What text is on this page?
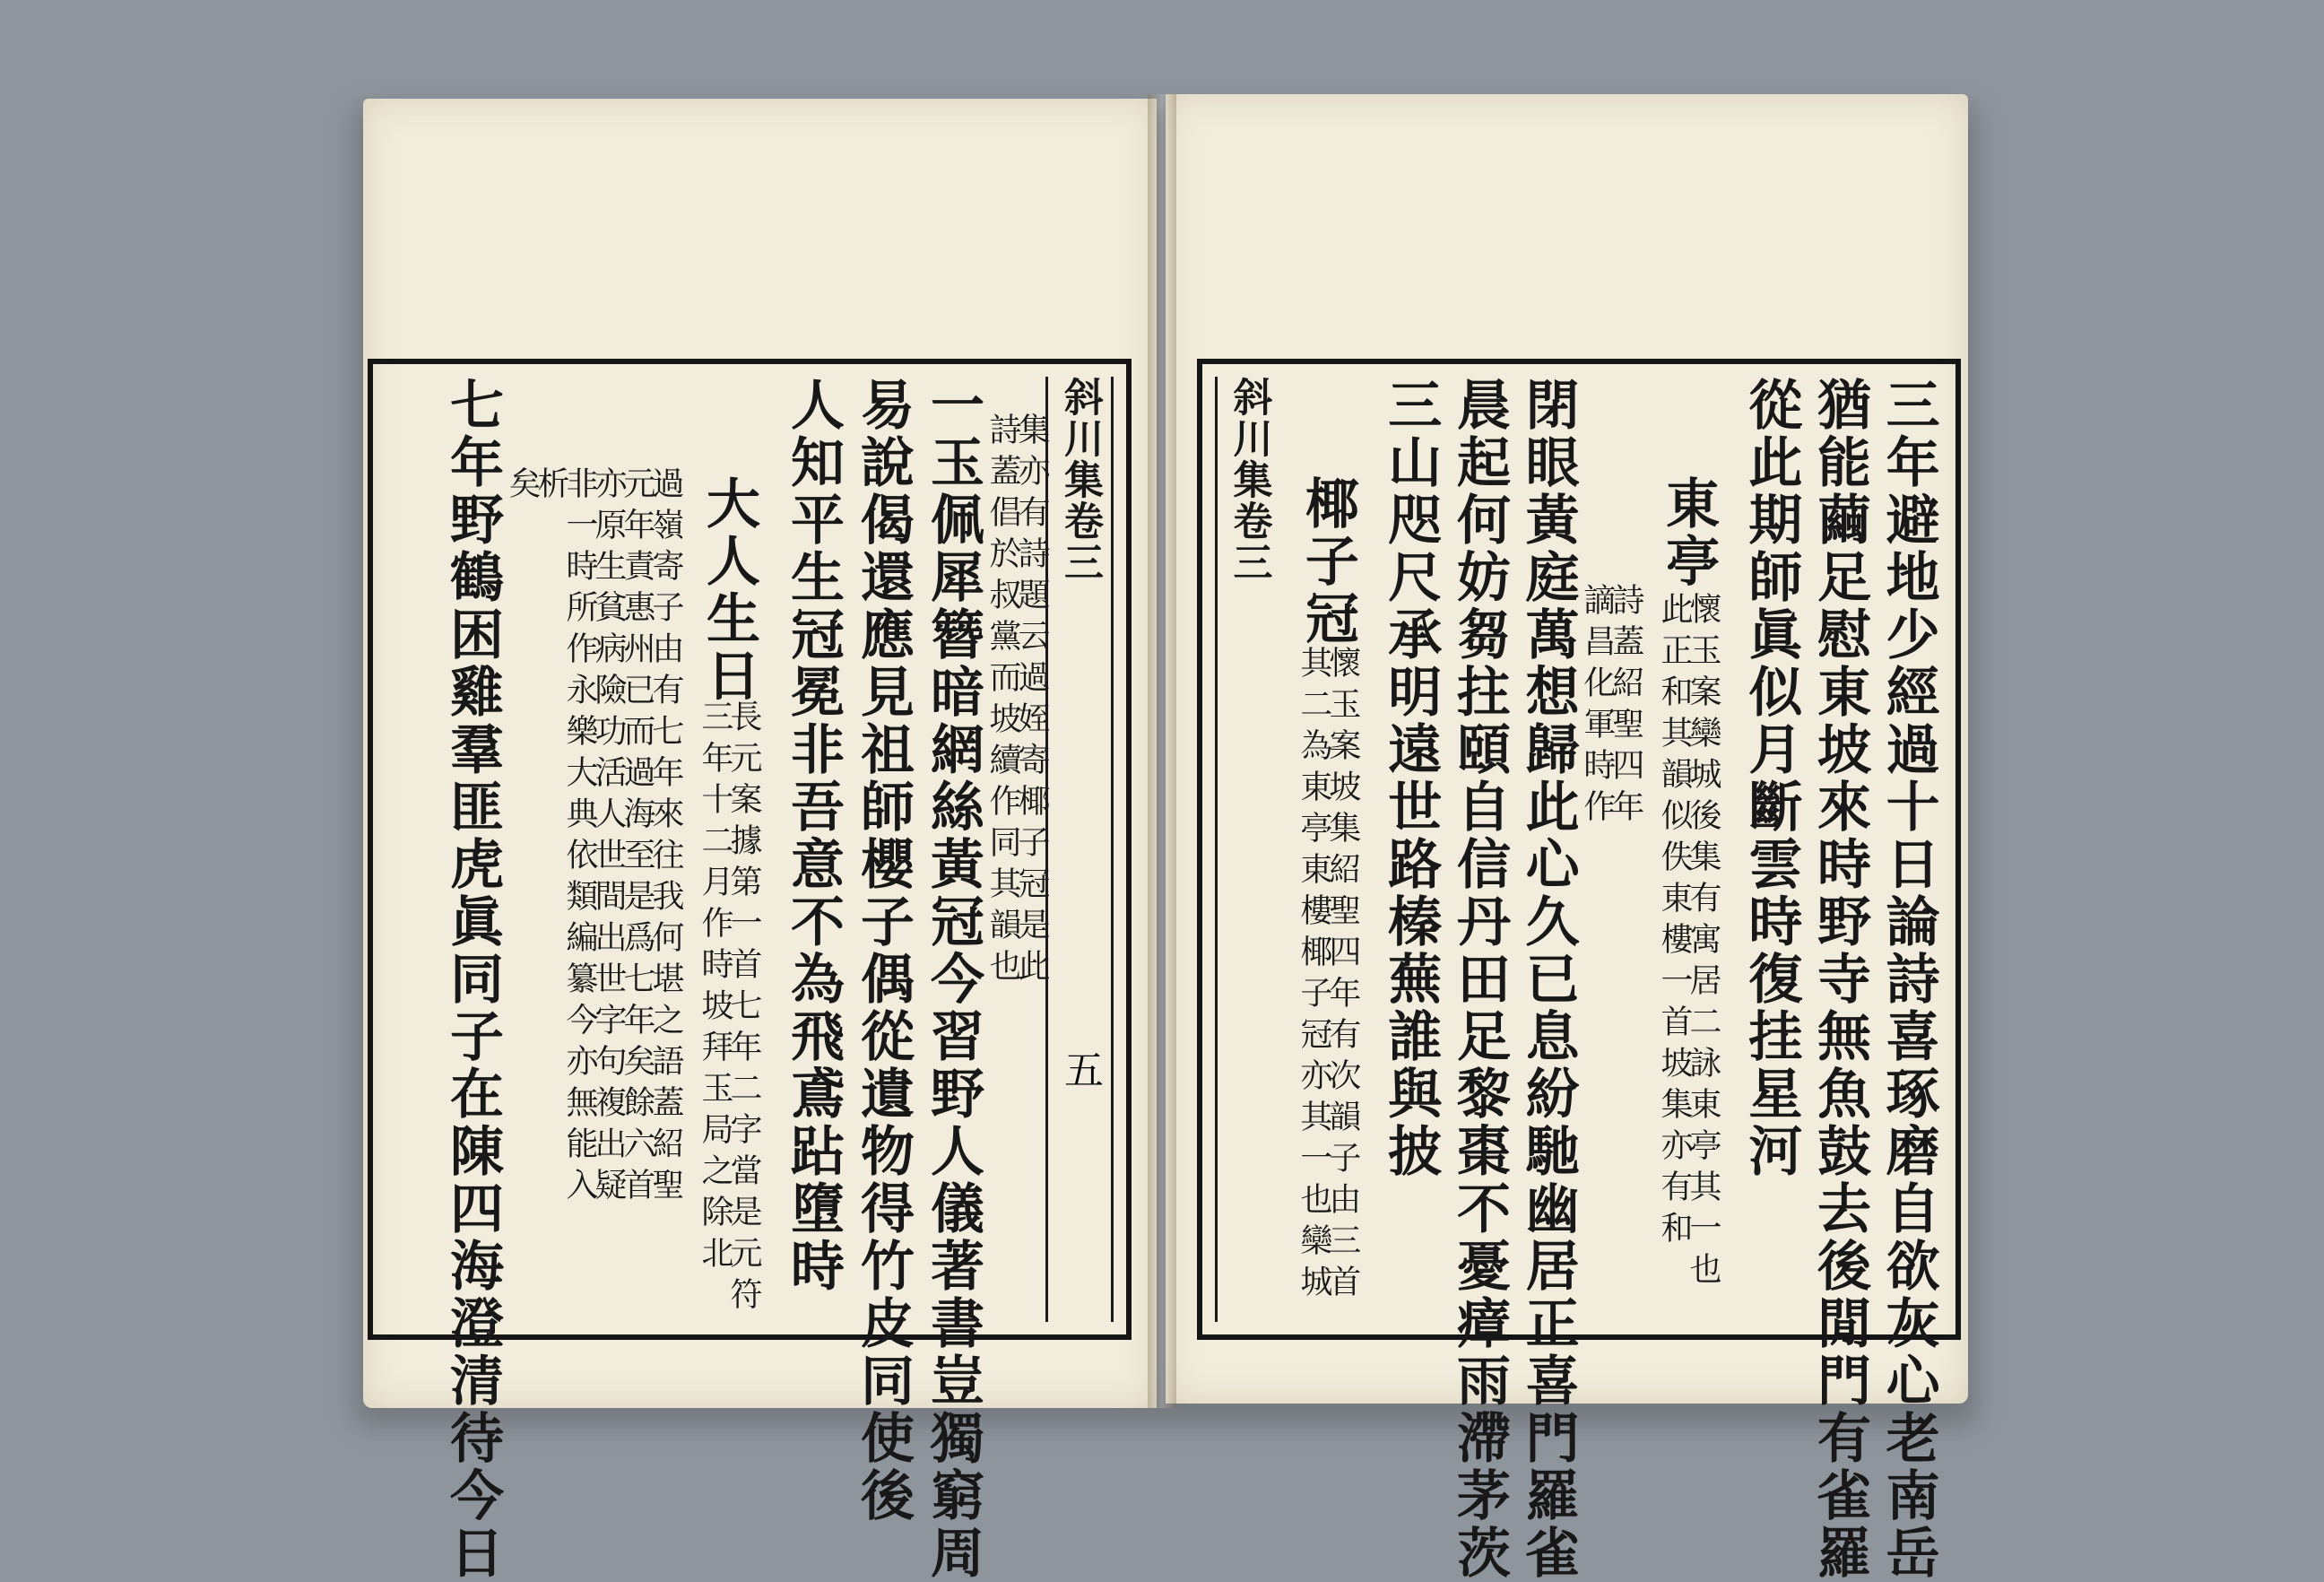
斜川集卷三
五
集亦有詩題云過姪寄椰子冠是此
詩蓋倡於叔黨而坡續作同其韻也
一玉佩犀簪暗網絲黃冠今習野人儀著書豈獨窮周
易說偈還應見祖師櫻子偶從遺物得竹皮同使後
人知平生冠冕非吾意不為飛鳶跕墮時
大人生日
長元案據第一首七年二字當是元符
三年十二月作時坡拜玉局之除北
過嶺寄子由有七年來往我何堪之語蓋紹聖
元年責惠州已而過海至是爲七年矣餘六首
亦原生貧病險功活人世間出世字句複出疑
非一時所作永樂大典依類編纂今亦無能入
析
矣
七年野鶴困雞羣匪虎眞同子在陳四海澄清待今日	三年避地少經過十日論詩喜琢磨自欲灰心老南岳
猶能繭足慰東坡來時野寺無魚鼓去後閒門有雀羅
從此期師眞似月斷雲時復挂星河
東亭
懷玉案欒城後集有寓居二詠東亭其一也
此正和其韻似佚東樓一首坡集亦有和
詩蓋紹聖四年
謫昌化軍時作
閉眼黃庭萬想歸此心久已息紛馳幽居正喜門羅雀
晨起何妨芻拄頤自信丹田足黎棗不憂瘴雨滯茅茨
三山咫尺承明遠世路榛蕪誰與披
椰子冠
懷玉案坡集紹聖四年有次韻子由三首
其二為東亭東樓椰子冠亦其一也欒城
斜川集卷三
